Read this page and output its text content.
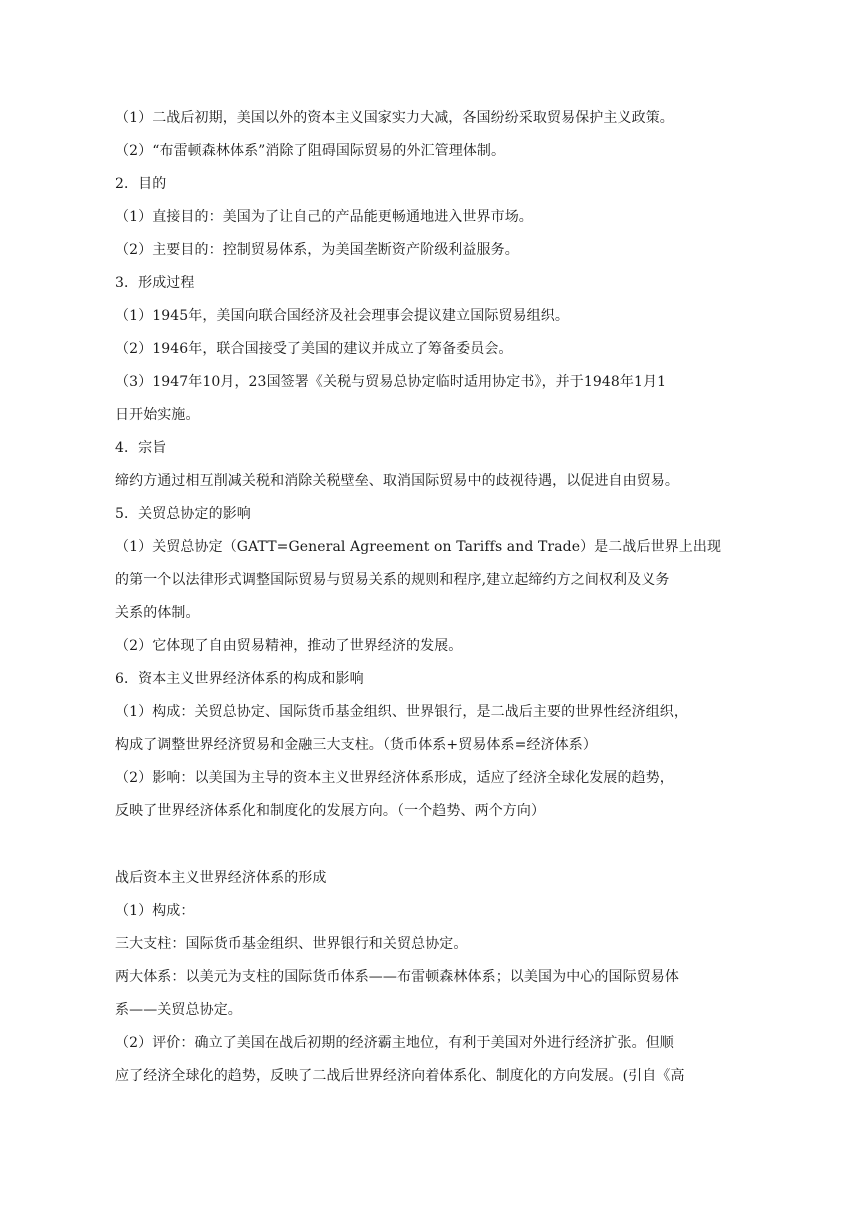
（1）二战后初期，美国以外的资本主义国家实力大减，各国纷纷采取贸易保护主义政策。
（2）“布雷顿森林体系”消除了阻碍国际贸易的外汇管理体制。
2．目的
（1）直接目的：美国为了让自己的产品能更畅通地进入世界市场。
（2）主要目的：控制贸易体系，为美国垄断资产阶级利益服务。
3．形成过程
（1）1945年，美国向联合国经济及社会理事会提议建立国际贸易组织。
（2）1946年，联合国接受了美国的建议并成立了筹备委员会。
（3）1947年10月，23国签署《关税与贸易总协定临时适用协定书》，并于1948年1月1
日开始实施。
4．宗旨
缔约方通过相互削减关税和消除关税壁垒、取消国际贸易中的歧视待遇，以促进自由贸易。
5．关贸总协定的影响
（1）关贸总协定（GATT=General Agreement on Tariffs and Trade）是二战后世界上出现
的第一个以法律形式调整国际贸易与贸易关系的规则和程序,建立起缔约方之间权利及义务
关系的体制。
（2）它体现了自由贸易精神，推动了世界经济的发展。
6．资本主义世界经济体系的构成和影响
（1）构成：关贸总协定、国际货币基金组织、世界银行，是二战后主要的世界性经济组织，
构成了调整世界经济贸易和金融三大支柱。（货币体系+贸易体系=经济体系）
（2）影响：以美国为主导的资本主义世界经济体系形成，适应了经济全球化发展的趋势，
反映了世界经济体系化和制度化的发展方向。（一个趋势、两个方向）
战后资本主义世界经济体系的形成
（1）构成：
三大支柱：国际货币基金组织、世界银行和关贸总协定。
两大体系：以美元为支柱的国际货币体系——布雷顿森林体系；以美国为中心的国际贸易体
系——关贸总协定。
（2）评价：确立了美国在战后初期的经济霸主地位，有利于美国对外进行经济扩张。但顺
应了经济全球化的趋势，反映了二战后世界经济向着体系化、制度化的方向发展。(引自《高
